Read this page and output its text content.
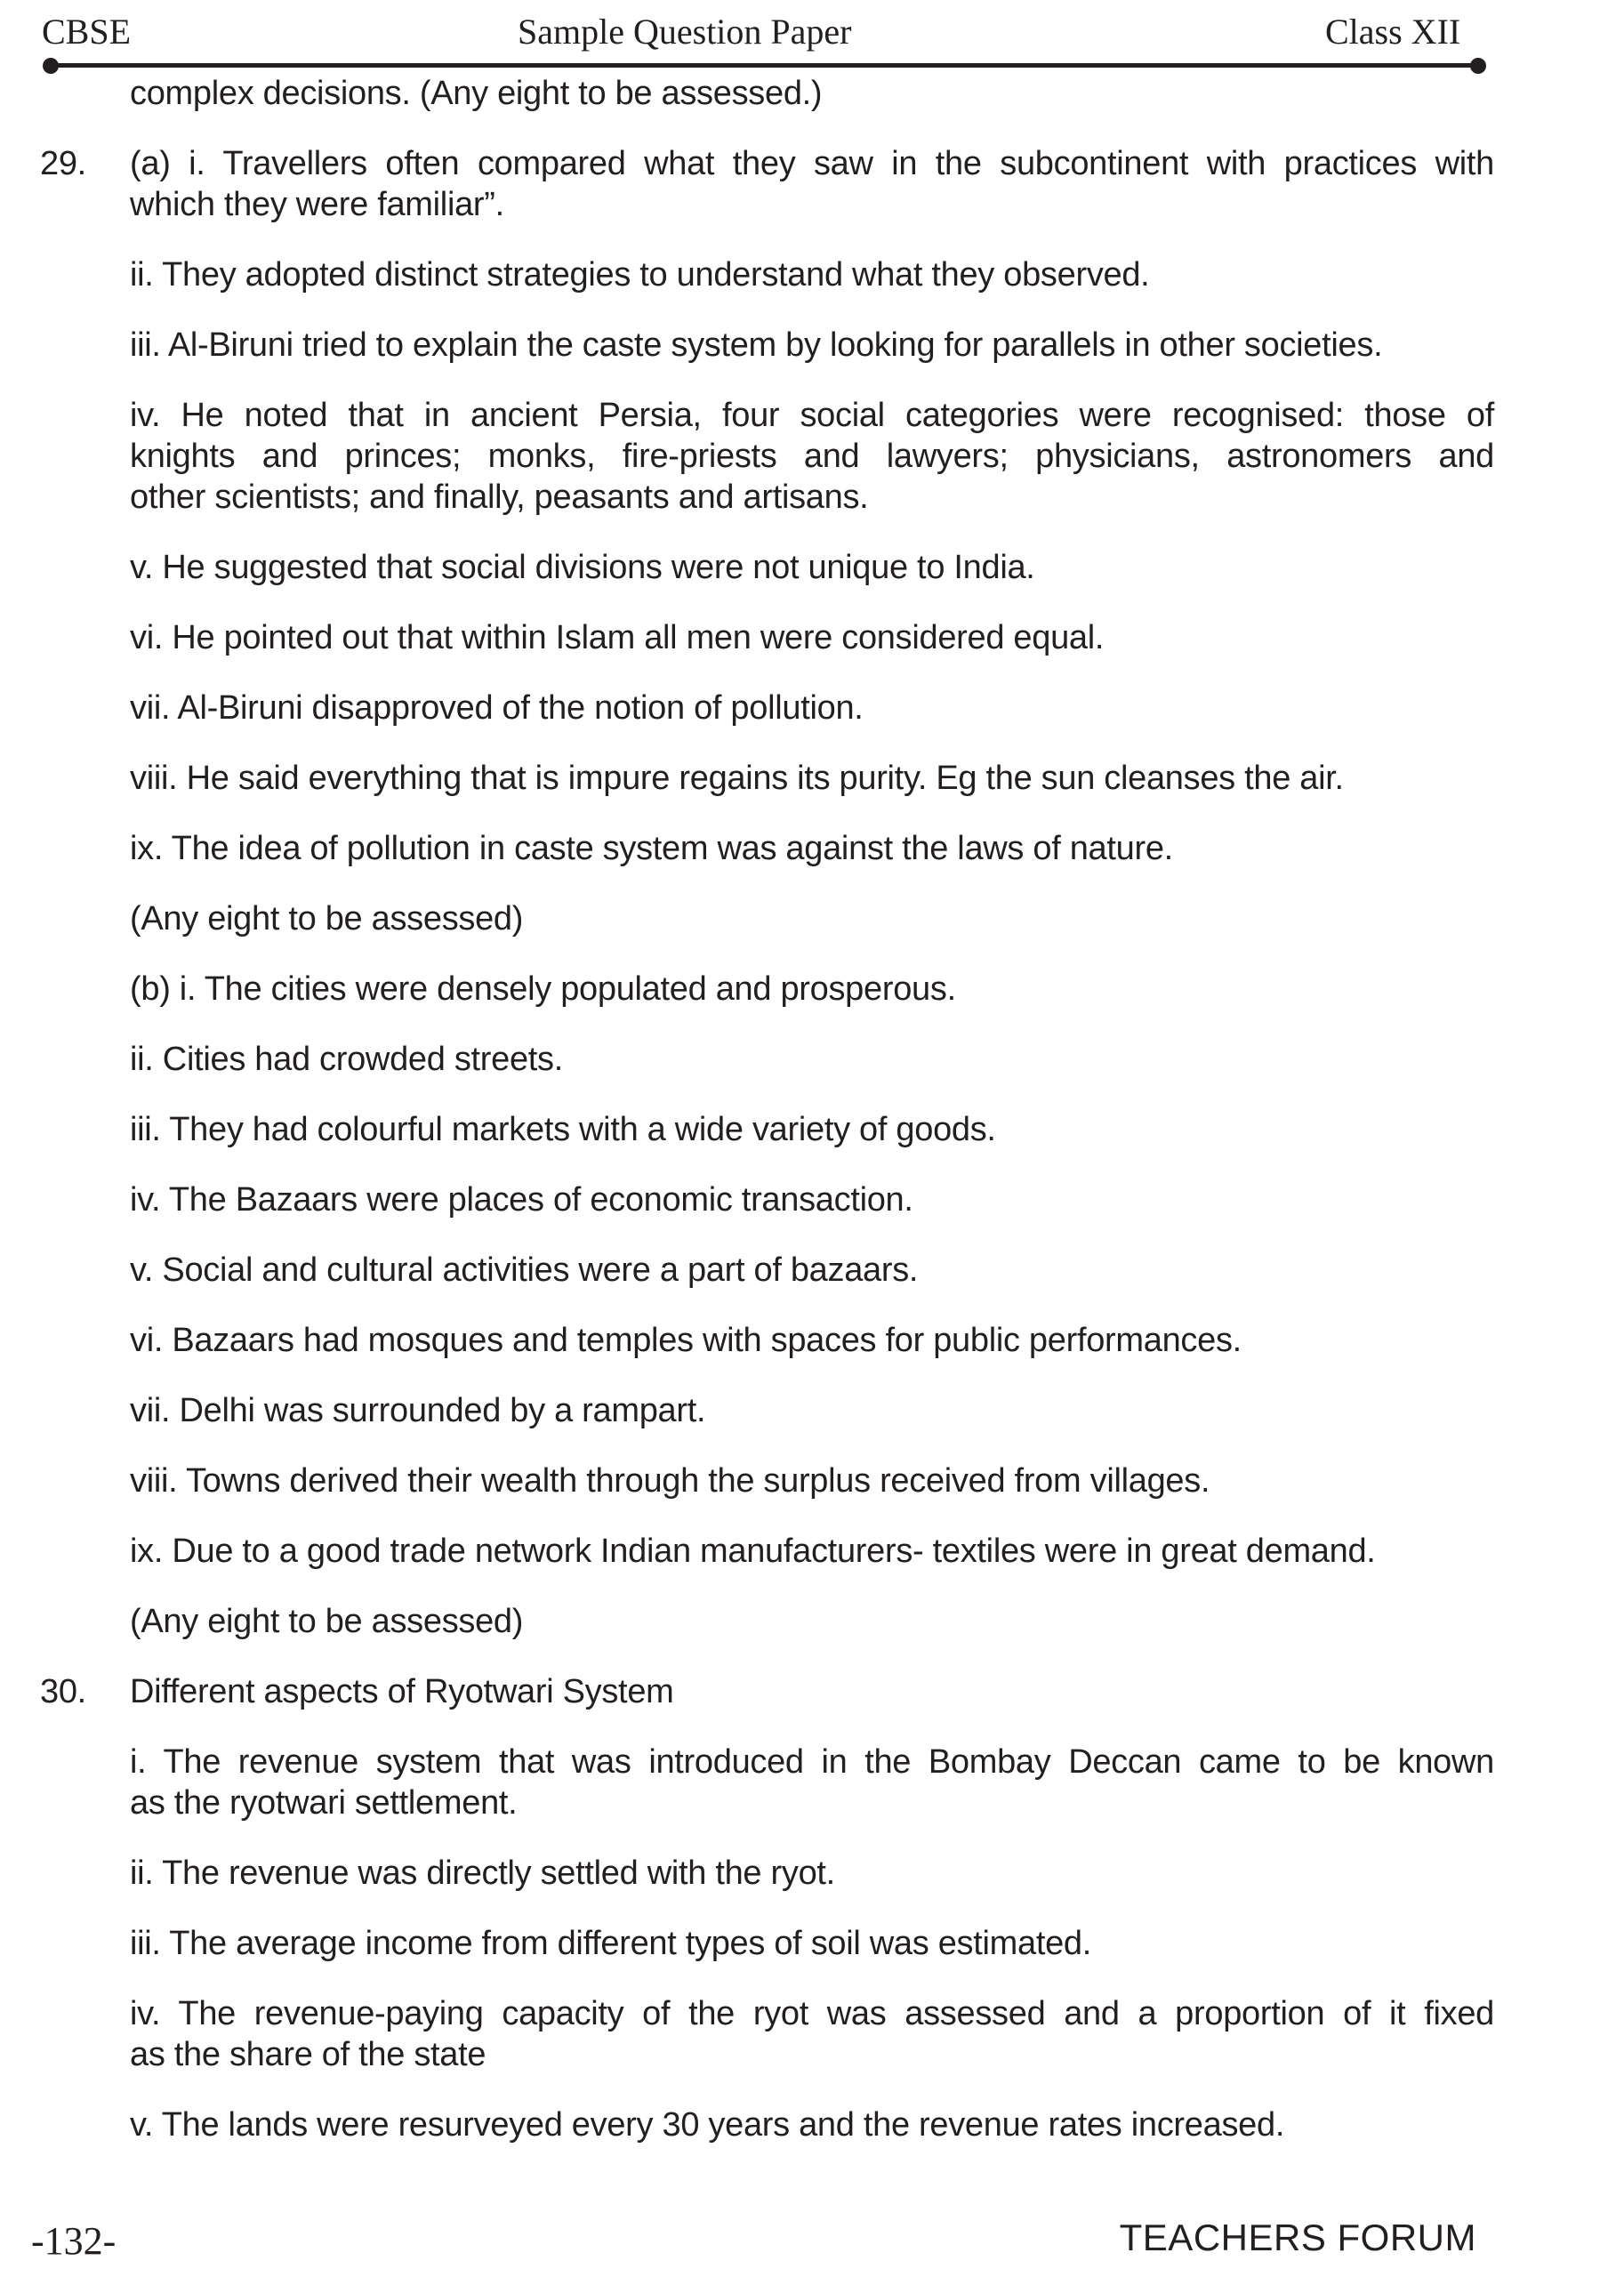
CBSE	Sample Question Paper	Class XII
complex decisions. (Any eight to be assessed.)
29. (a) i. Travellers often compared what they saw in the subcontinent with practices with
which they were familiar”.
ii. They adopted distinct strategies to understand what they observed.
iii. Al-Biruni tried to explain the caste system by looking for parallels in other societies.
iv. He noted that in ancient Persia, four social categories were recognised: those of
knights and princes; monks, fire-priests and lawyers; physicians, astronomers and
other scientists; and finally, peasants and artisans.
v. He suggested that social divisions were not unique to India.
vi. He pointed out that within Islam all men were considered equal.
vii. Al-Biruni disapproved of the notion of pollution.
viii. He said everything that is impure regains its purity. Eg the sun cleanses the air.
ix. The idea of pollution in caste system was against the laws of nature.
(Any eight to be assessed)
(b) i. The cities were densely populated and prosperous.
ii. Cities had crowded streets.
iii. They had colourful markets with a wide variety of goods.
iv. The Bazaars were places of economic transaction.
v. Social and cultural activities were a part of bazaars.
vi. Bazaars had mosques and temples with spaces for public performances.
vii. Delhi was surrounded by a rampart.
viii. Towns derived their wealth through the surplus received from villages.
ix. Due to a good trade network Indian manufacturers- textiles were in great demand.
(Any eight to be assessed)
30. Different aspects of Ryotwari System
i. The revenue system that was introduced in the Bombay Deccan came to be known
as the ryotwari settlement.
ii. The revenue was directly settled with the ryot.
iii. The average income from different types of soil was estimated.
iv. The revenue-paying capacity of the ryot was assessed and a proportion of it fixed
as the share of the state
v. The lands were resurveyed every 30 years and the revenue rates increased.
-132-	TEACHERS FORUM
